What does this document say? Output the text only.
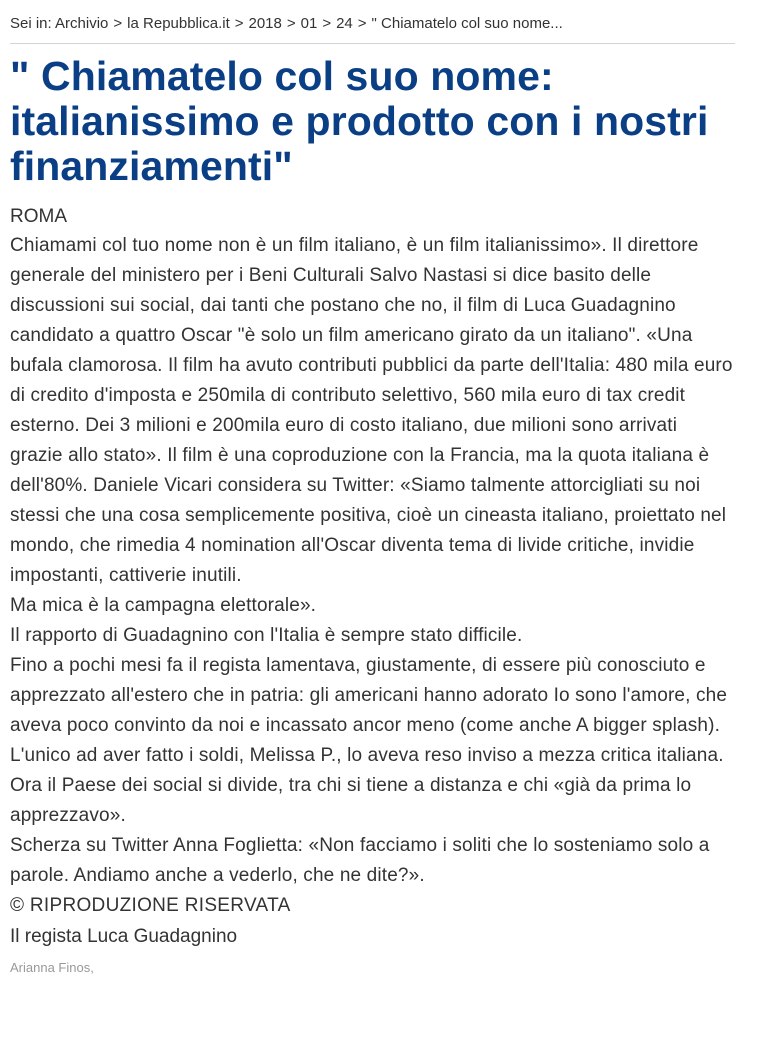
Sei in: Archivio > la Repubblica.it > 2018 > 01 > 24 > " Chiamatelo col suo nome...
" Chiamatelo col suo nome: italianissimo e prodotto con i nostri finanziamenti"
ROMA
Chiamami col tuo nome non è un film italiano, è un film italianissimo». Il direttore generale del ministero per i Beni Culturali Salvo Nastasi si dice basito delle discussioni sui social, dai tanti che postano che no, il film di Luca Guadagnino candidato a quattro Oscar "è solo un film americano girato da un italiano". «Una bufala clamorosa. Il film ha avuto contributi pubblici da parte dell'Italia: 480 mila euro di credito d'imposta e 250mila di contributo selettivo, 560 mila euro di tax credit esterno. Dei 3 milioni e 200mila euro di costo italiano, due milioni sono arrivati grazie allo stato». Il film è una coproduzione con la Francia, ma la quota italiana è dell'80%. Daniele Vicari considera su Twitter: «Siamo talmente attorcigliati su noi stessi che una cosa semplicemente positiva, cioè un cineasta italiano, proiettato nel mondo, che rimedia 4 nomination all'Oscar diventa tema di livide critiche, invidie impostanti, cattiverie inutili.
Ma mica è la campagna elettorale».
Il rapporto di Guadagnino con l'Italia è sempre stato difficile.
Fino a pochi mesi fa il regista lamentava, giustamente, di essere più conosciuto e apprezzato all'estero che in patria: gli americani hanno adorato Io sono l'amore, che aveva poco convinto da noi e incassato ancor meno (come anche A bigger splash). L'unico ad aver fatto i soldi, Melissa P., lo aveva reso inviso a mezza critica italiana.
Ora il Paese dei social si divide, tra chi si tiene a distanza e chi «già da prima lo apprezzavo».
Scherza su Twitter Anna Foglietta: «Non facciamo i soliti che lo sosteniamo solo a parole. Andiamo anche a vederlo, che ne dite?».
© RIPRODUZIONE RISERVATA
Il regista Luca Guadagnino
Arianna Finos,
